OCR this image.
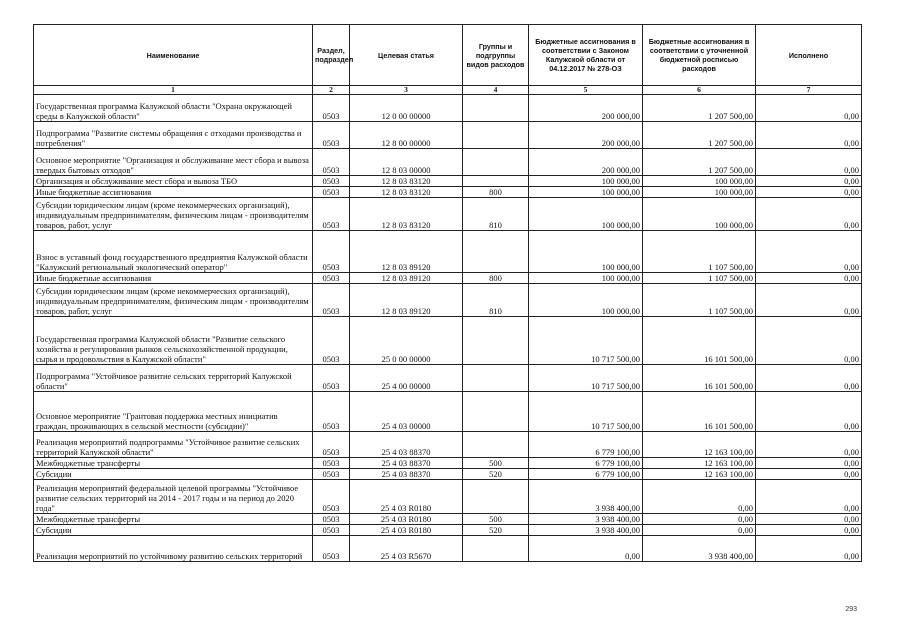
Наименование	Раздел, подраздел	Целевая статья	Группы и подгруппы видов расходов	Бюджетные ассигнования в соответствии с Законом Калужской области от 04.12.2017 № 278-ОЗ	Бюджетные ассигнования в соответствии с уточненной бюджетной росписью расходов	Исполнено
1	2	3	4	5	6	7
Государственная программа Калужской области "Охрана окружающей среды в Калужской области"	0503	12 0 00 00000		200 000,00	1 207 500,00	0,00
Подпрограмма "Развитие системы обращения с отходами производства и потребления"	0503	12 8 00 00000		200 000,00	1 207 500,00	0,00
Основное мероприятие "Организация и обслуживание мест сбора и вывоза твердых бытовых отходов"	0503	12 8 03 00000		200 000,00	1 207 500,00	0,00
Организация и обслуживание мест сбора и вывоза ТБО	0503	12 8 03 83120		100 000,00	100 000,00	0,00
Иные бюджетные ассигнования	0503	12 8 03 83120	800	100 000,00	100 000,00	0,00
Субсидии юридическим лицам (кроме некоммерческих организаций), индивидуальным предпринимателям, физическим лицам - производителям товаров, работ, услуг	0503	12 8 03 83120	810	100 000,00	100 000,00	0,00
Взнос в уставный фонд государственного предприятия Калужской области "Калужский региональный экологический оператор"	0503	12 8 03 89120		100 000,00	1 107 500,00	0,00
Иные бюджетные ассигнования	0503	12 8 03 89120	800	100 000,00	1 107 500,00	0,00
Субсидии юридическим лицам (кроме некоммерческих организаций), индивидуальным предпринимателям, физическим лицам - производителям товаров, работ, услуг	0503	12 8 03 89120	810	100 000,00	1 107 500,00	0,00
Государственная программа Калужской области "Развитие сельского хозяйства и регулирования рынков сельскохозяйственной продукции, сырья и продовольствия в Калужской области"	0503	25 0 00 00000		10 717 500,00	16 101 500,00	0,00
Подпрограмма "Устойчивое развитие сельских территорий Калужской области"	0503	25 4 00 00000		10 717 500,00	16 101 500,00	0,00
Основное мероприятие "Грантовая поддержка местных инициатив граждан, проживающих в сельской местности (субсидии)"	0503	25 4 03 00000		10 717 500,00	16 101 500,00	0,00
Реализация мероприятий подпрограммы "Устойчивое развитие сельских территорий Калужской области"	0503	25 4 03 88370		6 779 100,00	12 163 100,00	0,00
Межбюджетные трансферты	0503	25 4 03 88370	500	6 779 100,00	12 163 100,00	0,00
Субсидии	0503	25 4 03 88370	520	6 779 100,00	12 163 100,00	0,00
Реализация мероприятий федеральной целевой программы "Устойчивое развитие сельских территорий на 2014 - 2017 годы и на период до 2020 года"	0503	25 4 03 R0180		3 938 400,00	0,00	0,00
Межбюджетные трансферты	0503	25 4 03 R0180	500	3 938 400,00	0,00	0,00
Субсидии	0503	25 4 03 R0180	520	3 938 400,00	0,00	0,00
Реализация мероприятий по устойчивому развитию сельских территорий	0503	25 4 03 R5670		0,00	3 938 400,00	0,00
293
